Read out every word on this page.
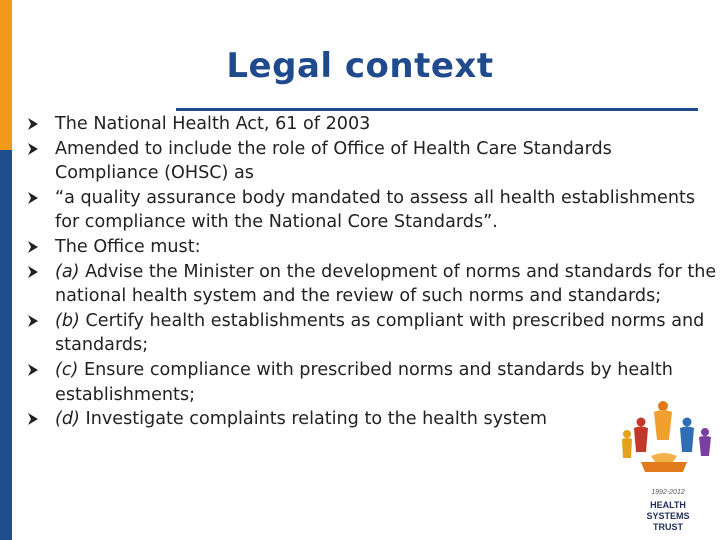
Legal context
The National Health Act, 61 of 2003
Amended to include the role of Office of Health Care Standards Compliance (OHSC) as
“a quality assurance body mandated to assess all health establishments for compliance with the National Core Standards”.
The Office must:
(a) Advise the Minister on the development of norms and standards for the national health system and the review of such norms and standards;
(b) Certify health establishments as compliant with prescribed norms and standards;
(c) Ensure compliance with prescribed norms and standards by health establishments;
(d) Investigate complaints relating to the health system
1992-2012
HEALTH
SYSTEMS
TRUST
